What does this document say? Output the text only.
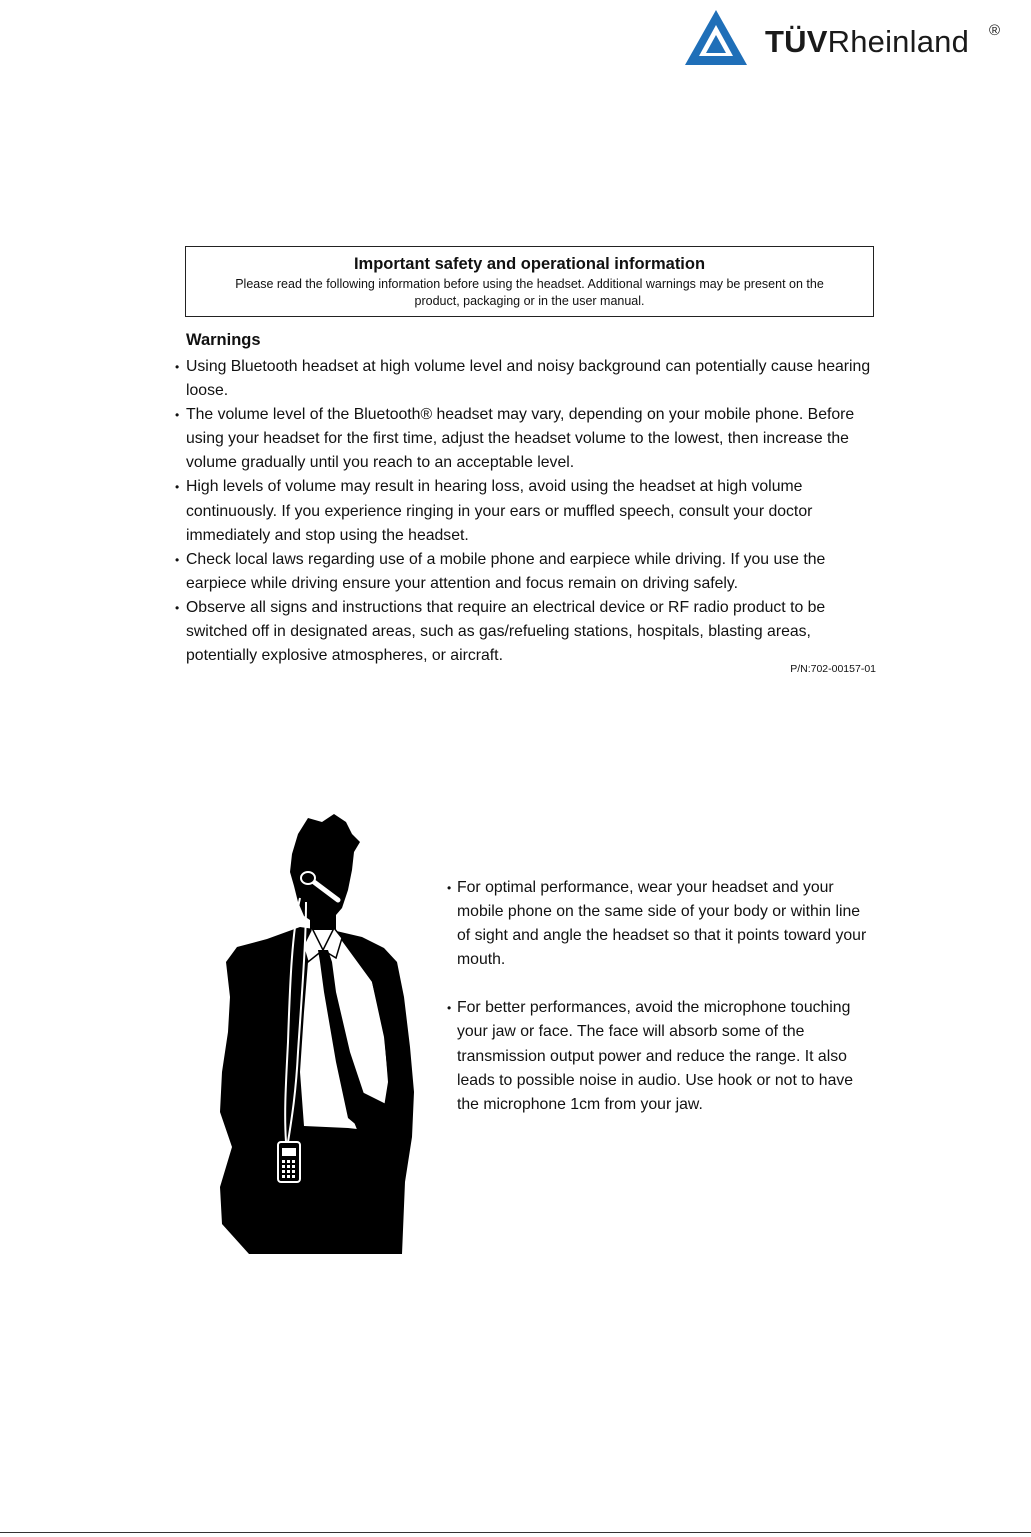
TÜVRheinland ®
Important safety and operational information
Please read the following information before using the headset. Additional warnings may be present on the product, packaging or in the user manual.
Warnings
• Using Bluetooth headset at high volume level and noisy background can potentially cause hearing loose.
• The volume level of the Bluetooth® headset may vary, depending on your mobile phone. Before using your headset for the first time, adjust the headset volume to the lowest, then increase the volume gradually until you reach to an acceptable level.
• High levels of volume may result in hearing loss, avoid using the headset at high volume continuously. If you experience ringing in your ears or muffled speech, consult your doctor immediately and stop using the headset.
• Check local laws regarding use of a mobile phone and earpiece while driving. If you use the earpiece while driving ensure your attention and focus remain on driving safely.
• Observe all signs and instructions that require an electrical device or RF radio product to be switched off in designated areas, such as gas/refueling stations, hospitals, blasting areas, potentially explosive atmospheres, or aircraft.
P/N:702-00157-01
• For optimal performance, wear your headset and your mobile phone on the same side of your body or within line of sight and angle the headset so that it points toward your mouth.
• For better performances, avoid the microphone touching your jaw or face. The face will absorb some of the transmission output power and reduce the range. It also leads to possible noise in audio. Use hook or not to have the microphone 1cm from your jaw.
